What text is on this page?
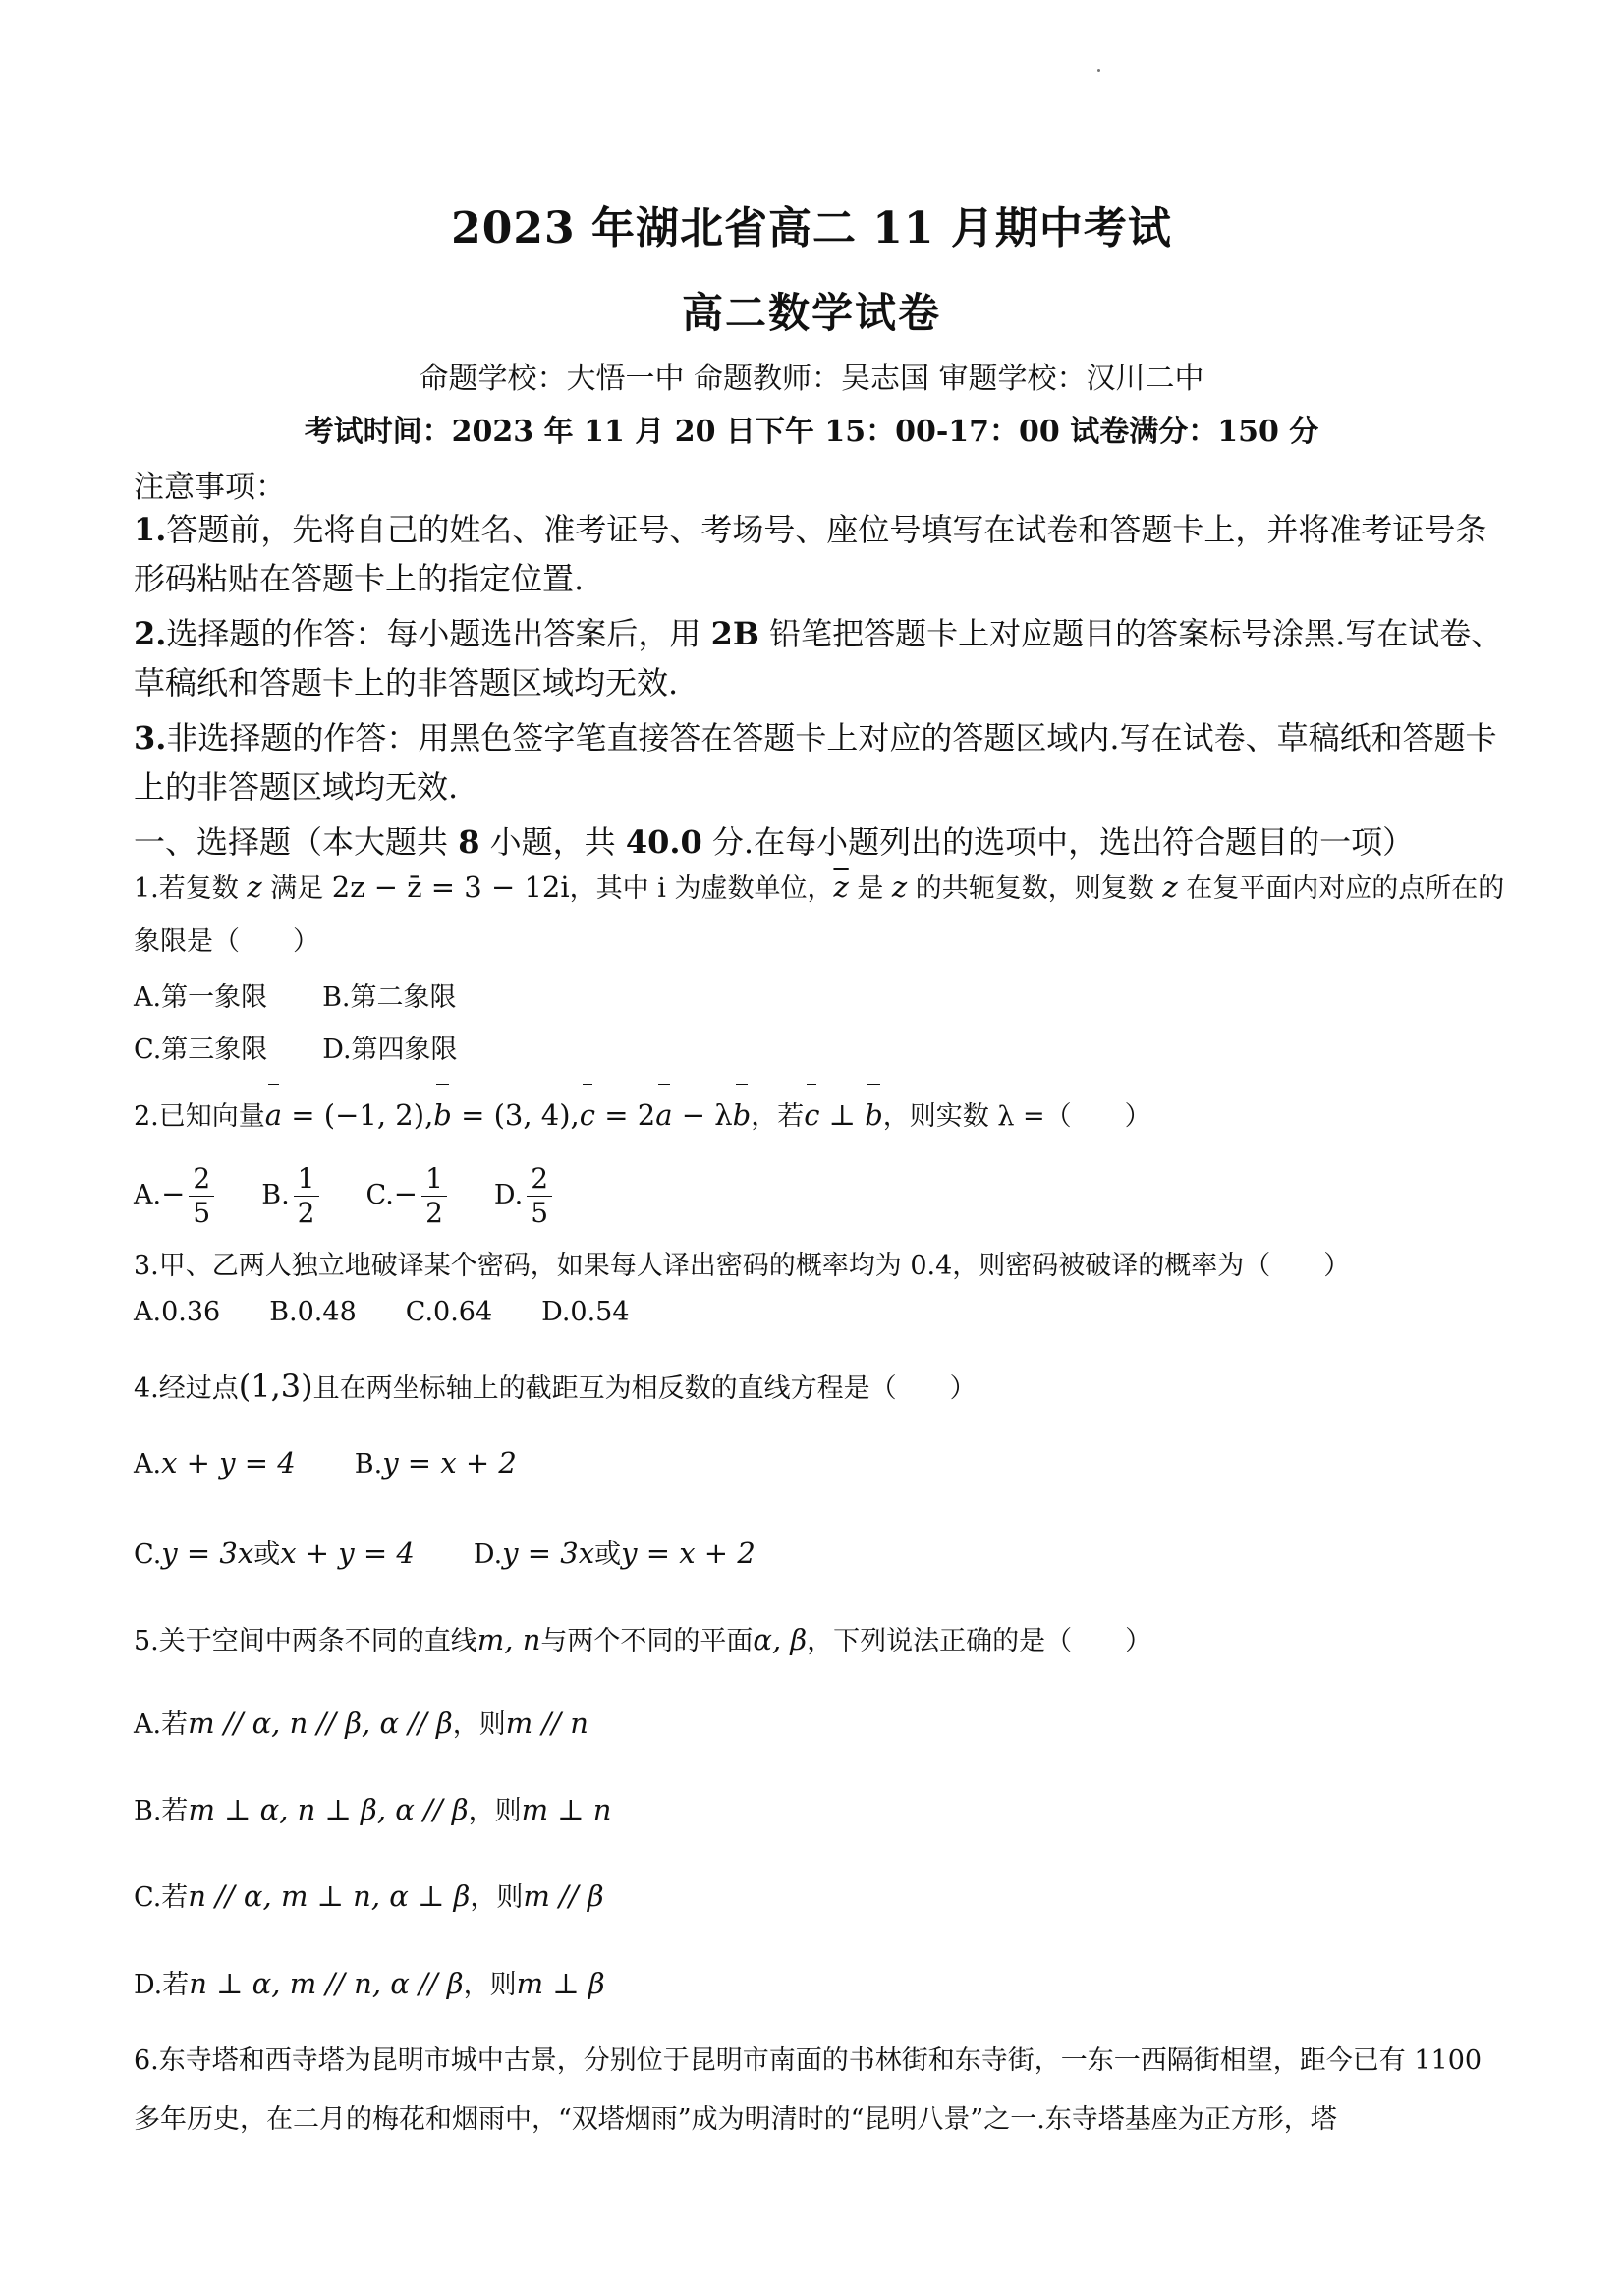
2023 年湖北省高二 11 月期中考试
高二数学试卷
命题学校：大悟一中 命题教师：吴志国 审题学校：汉川二中
考试时间：2023 年 11 月 20 日下午 15：00-17：00 试卷满分：150 分
注意事项：
1.答题前，先将自己的姓名、准考证号、考场号、座位号填写在试卷和答题卡上，并将准考证号条形码粘贴在答题卡上的指定位置.
2.选择题的作答：每小题选出答案后，用 2B 铅笔把答题卡上对应题目的答案标号涂黑.写在试卷、草稿纸和答题卡上的非答题区域均无效.
3.非选择题的作答：用黑色签字笔直接答在答题卡上对应的答题区域内.写在试卷、草稿纸和答题卡上的非答题区域均无效.
一、选择题（本大题共 8 小题，共 40.0 分.在每小题列出的选项中，选出符合题目的一项）
1.若复数 z 满足 2z − z̄ = 3 − 12i，其中 i 为虚数单位，$\overline{z}$ 是 z 的共轭复数，则复数 z 在复平面内对应的点所在的象限是（　　）
A.第一象限 B.第二象限
C.第三象限 D.第四象限
2.已知向量a = (−1, 2),b = (3, 4),c = 2a − λb，若c ⊥ b，则实数 λ =（　　）
$A.- \frac{2}{5} B$. $\frac{1}{2} C.- \frac{1}{2} D$. $\frac{2}{5}$
3.甲、乙两人独立地破译某个密码，如果每人译出密码的概率均为 0.4，则密码被破译的概率为（　　）
A.0.36 B.0.48 C.0.64 D.0.54
4.经过点(1,3)且在两坐标轴上的截距互为相反数的直线方程是（　　）
A.x + y = 4 B.y = x + 2
C.y = 3x或x + y = 4 D.y = 3x或y = x + 2
5.关于空间中两条不同的直线m, n与两个不同的平面α, β，下列说法正确的是（　　）
A.若m // α, n // β, α // β，则m // n
B.若m ⊥ α, n ⊥ β, α // β，则m ⊥ n
C.若n // α, m ⊥ n, α ⊥ β，则m // β
D.若n ⊥ α, m // n, α // β，则m ⊥ β
6.东寺塔和西寺塔为昆明市城中古景，分别位于昆明市南面的书林街和东寺街，一东一西隔街相望，距今已有 1100 多年历史，在二月的梅花和烟雨中，“双塔烟雨”成为明清时的“昆明八景”之一.东寺塔基座为正方形，塔
